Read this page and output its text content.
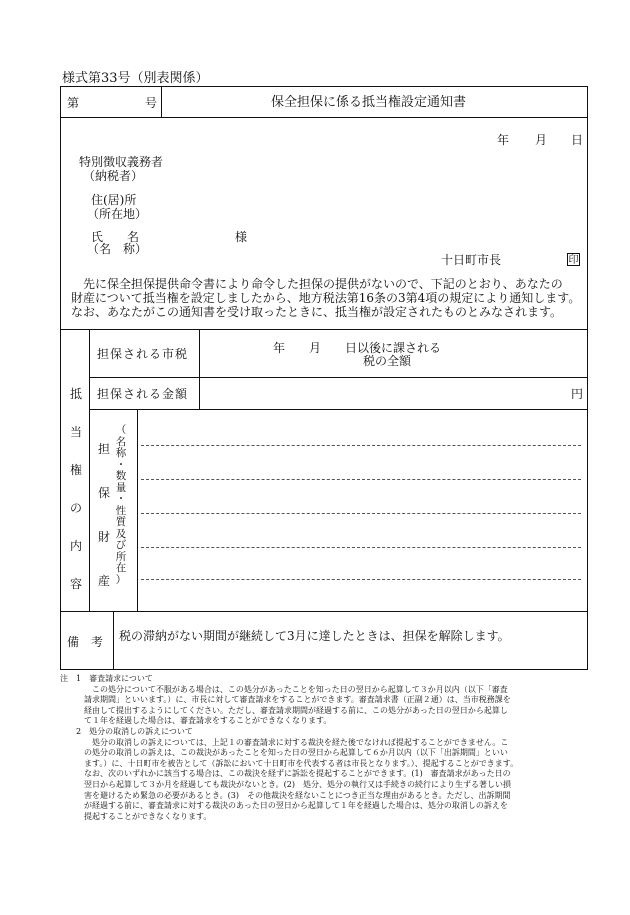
様式第33号（別表関係）
第	号	保全担保に係る抵当権設定通知書
年 月 日
特別徴収義務者
（納税者）
住(居)所
（所在地）
氏　　名
（名　称）
様
十日町市長	印
　先に保全担保提供命令書により命令した担保の提供がないので、下記のとおり、あなたの
財産について抵当権を設定しましたから、地方税法第16条の3第4項の規定により通知します。
なお、あなたがこの通知書を受け取ったときに、抵当権が設定されたものとみなされます。
抵
当
権
の
内
容
担保される市税	年　　月　　日以後に課される
税の全額
担保される金額	円
担
保
財
産
（
名
称
・
数
量
・
性
質
及
び
所
在
）
備　考 税の滞納がない期間が継続して3月に達したときは、担保を解除します。
注　1　審査請求について
　　　　この処分について不服がある場合は、この処分があったことを知った日の翌日から起算して３か月以内（以下「審査
　　　請求期間」といいます。）に、市長に対して審査請求をすることができます。審査請求書（正副２通）は、当市税務課を
　　　経由して提出するようにしてください。ただし、審査請求期間が経過する前に、この処分があった日の翌日から起算し
　　　て１年を経過した場合は、審査請求をすることができなくなります。
　　2　処分の取消しの訴えについて
　　　　処分の取消しの訴えについては、上記１の審査請求に対する裁決を経た後でなければ提起することができません。こ
　　　の処分の取消しの訴えは、この裁決があったことを知った日の翌日から起算して６か月以内（以下「出訴期間」といい
　　　ます。）に、十日町市を被告として（訴訟において十日町市を代表する者は市長となります。）、提起することができます。
　　　なお、次のいずれかに該当する場合は、この裁決を経ずに訴訟を提起することができます。(1)　審査請求があった日の
　　　翌日から起算して３か月を経過しても裁決がないとき。(2)　処分、処分の執行又は手続きの続行により生ずる著しい損
　　　害を避けるため緊急の必要があるとき。(3)　その他裁決を経ないことにつき正当な理由があるとき。ただし、出訴期間
　　　が経過する前に、審査請求に対する裁決のあった日の翌日から起算して１年を経過した場合は、処分の取消しの訴えを
　　　提起することができなくなります。
